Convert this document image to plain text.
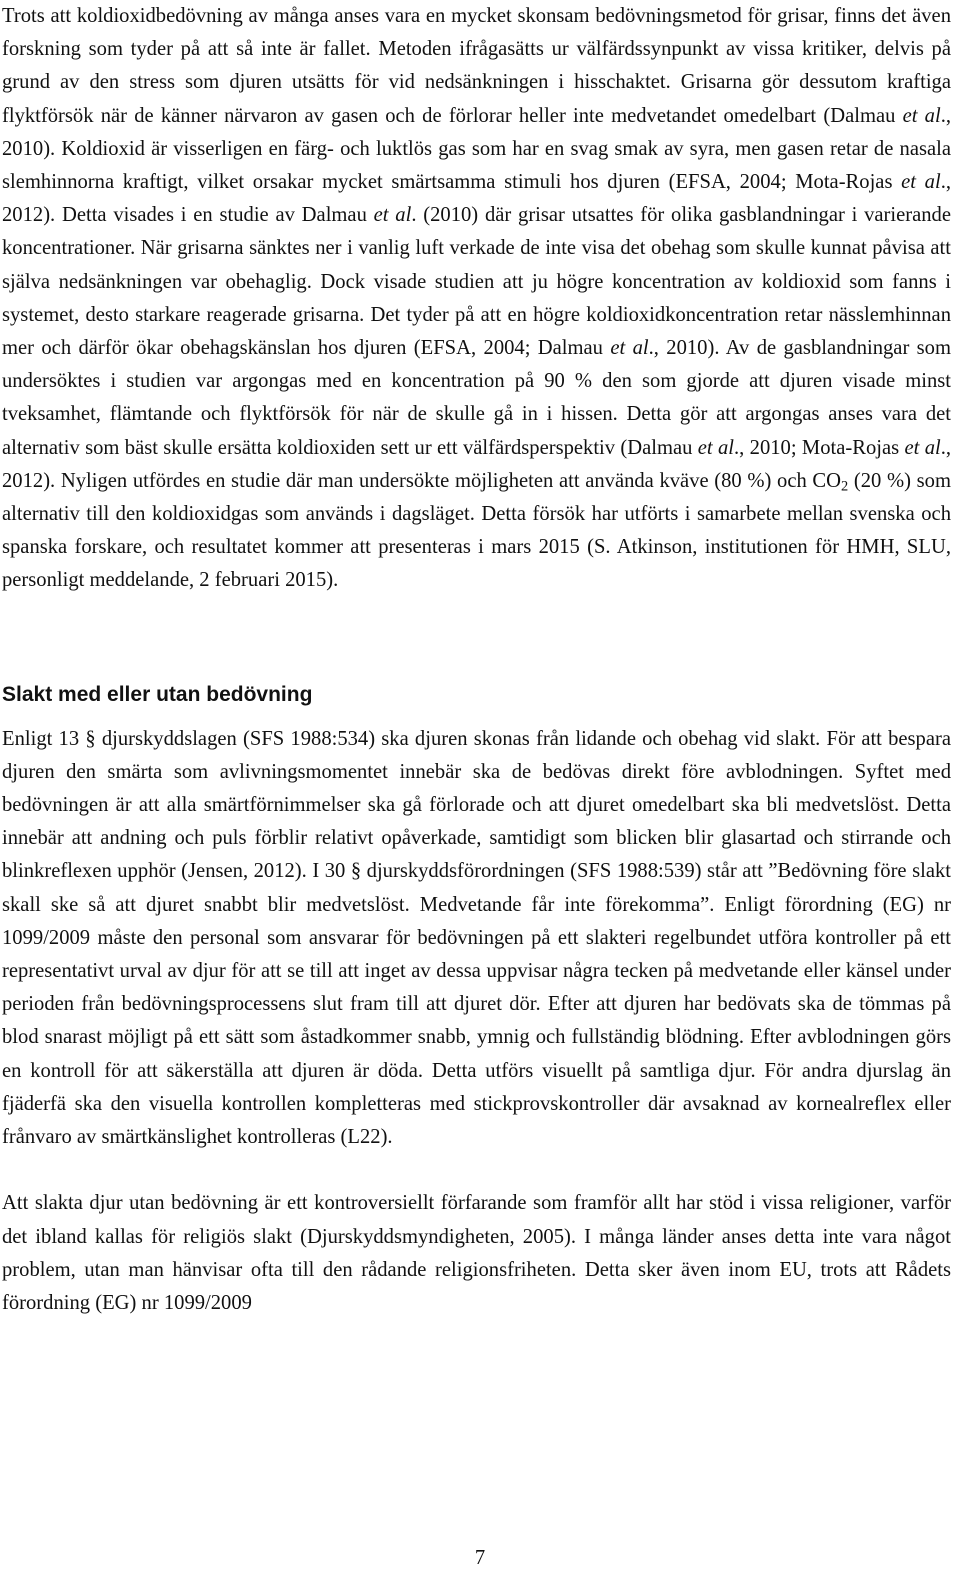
Trots att koldioxidbedövning av många anses vara en mycket skonsam bedövningsmetod för grisar, finns det även forskning som tyder på att så inte är fallet. Metoden ifrågasätts ur välfärdssynpunkt av vissa kritiker, delvis på grund av den stress som djuren utsätts för vid nedsänkningen i hisschaktet. Grisarna gör dessutom kraftiga flyktförsök när de känner närvaron av gasen och de förlorar heller inte medvetandet omedelbart (Dalmau et al., 2010). Koldioxid är visserligen en färg- och luktlös gas som har en svag smak av syra, men gasen retar de nasala slemhinnorna kraftigt, vilket orsakar mycket smärtsamma stimuli hos djuren (EFSA, 2004; Mota-Rojas et al., 2012). Detta visades i en studie av Dalmau et al. (2010) där grisar utsattes för olika gasblandningar i varierande koncentrationer. När grisarna sänktes ner i vanlig luft verkade de inte visa det obehag som skulle kunnat påvisa att själva nedsänkningen var obehaglig. Dock visade studien att ju högre koncentration av koldioxid som fanns i systemet, desto starkare reagerade grisarna. Det tyder på att en högre koldioxidkoncentration retar nässlemhinnan mer och därför ökar obehagskänslan hos djuren (EFSA, 2004; Dalmau et al., 2010). Av de gasblandningar som undersöktes i studien var argongas med en koncentration på 90 % den som gjorde att djuren visade minst tveksamhet, flämtande och flyktförsök för när de skulle gå in i hissen. Detta gör att argongas anses vara det alternativ som bäst skulle ersätta koldioxiden sett ur ett välfärdsperspektiv (Dalmau et al., 2010; Mota-Rojas et al., 2012). Nyligen utfördes en studie där man undersökte möjligheten att använda kväve (80 %) och $CO_2$ (20 %) som alternativ till den koldioxidgas som används i dagsläget. Detta försök har utförts i samarbete mellan svenska och spanska forskare, och resultatet kommer att presenteras i mars 2015 (S. Atkinson, institutionen för HMH, SLU, personligt meddelande, 2 februari 2015).

Slakt med eller utan bedövning

Enligt 13 § djurskyddslagen (SFS 1988:534) ska djuren skonas från lidande och obehag vid slakt. För att bespara djuren den smärta som avlivningsmomentet innebär ska de bedövas direkt före avblodningen. Syftet med bedövningen är att alla smärtförnimmelser ska gå förlorade och att djuret omedelbart ska bli medvetslöst. Detta innebär att andning och puls förblir relativt opåverkade, samtidigt som blicken blir glasartad och stirrande och blinkreflexen upphör (Jensen, 2012). I 30 § djurskyddsförordningen (SFS 1988:539) står att ”Bedövning före slakt skall ske så att djuret snabbt blir medvetslöst. Medvetande får inte förekomma”. Enligt förordning (EG) nr 1099/2009 måste den personal som ansvarar för bedövningen på ett slakteri regelbundet utföra kontroller på ett representativt urval av djur för att se till att inget av dessa uppvisar några tecken på medvetande eller känsel under perioden från bedövningsprocessens slut fram till att djuret dör. Efter att djuren har bedövats ska de tömmas på blod snarast möjligt på ett sätt som åstadkommer snabb, ymnig och fullständig blödning. Efter avblodningen görs en kontroll för att säkerställa att djuren är döda. Detta utförs visuellt på samtliga djur. För andra djurslag än fjäderfä ska den visuella kontrollen kompletteras med stickprovskontroller där avsaknad av kornealreflex eller frånvaro av smärtkänslighet kontrolleras (L22).

Att slakta djur utan bedövning är ett kontroversiellt förfarande som framför allt har stöd i vissa religioner, varför det ibland kallas för religiös slakt (Djurskyddsmyndigheten, 2005). I många länder anses detta inte vara något problem, utan man hänvisar ofta till den rådande religionsfriheten. Detta sker även inom EU, trots att Rådets förordning (EG) nr 1099/2009

7
